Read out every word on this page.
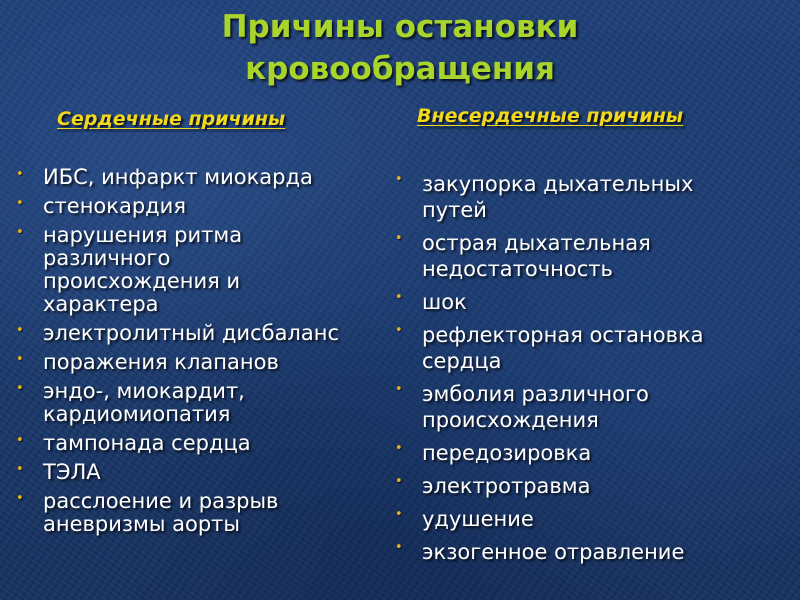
Причины остановки
кровообращения
Сердечные причины	Внесердечные причины
• ИБС, инфаркт миокарда
• стенокардия
• нарушения ритма
различного
происхождения и
характера
• электролитный дисбаланс
• поражения клапанов
• эндо-, миокардит,
кардиомиопатия
• тампонада сердца
• ТЭЛА
• расслоение и разрыв
аневризмы аорты
• закупорка дыхательных
путей
• острая дыхательная
недостаточность
• шок
• рефлекторная остановка
сердца
• эмболия различного
происхождения
• передозировка
• электротравма
• удушение
• экзогенное отравление
